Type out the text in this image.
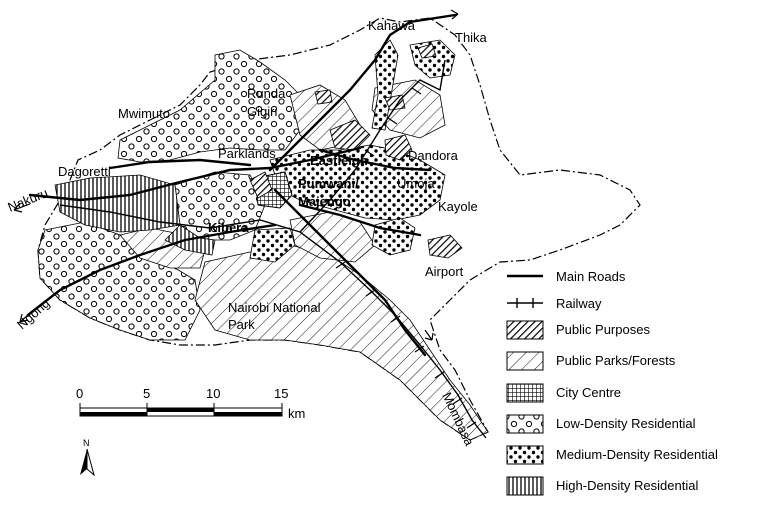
Kahawa
Thika
Runda
Gigiri
Mwimuto
Dagoretti
Parklands	Eastleigh	Dandora
Pumwani/
Majengo
Umoja
Kayole
Nakuru
Kibera
Airport
Ngong	Nairobi National
Park
Mombasa
Main Roads
Railway
Public Purposes
Public Parks/Forests
City Centre
Low-Density Residential
Medium-Density Residential
High-Density Residential
0	5	10	15
km
N
